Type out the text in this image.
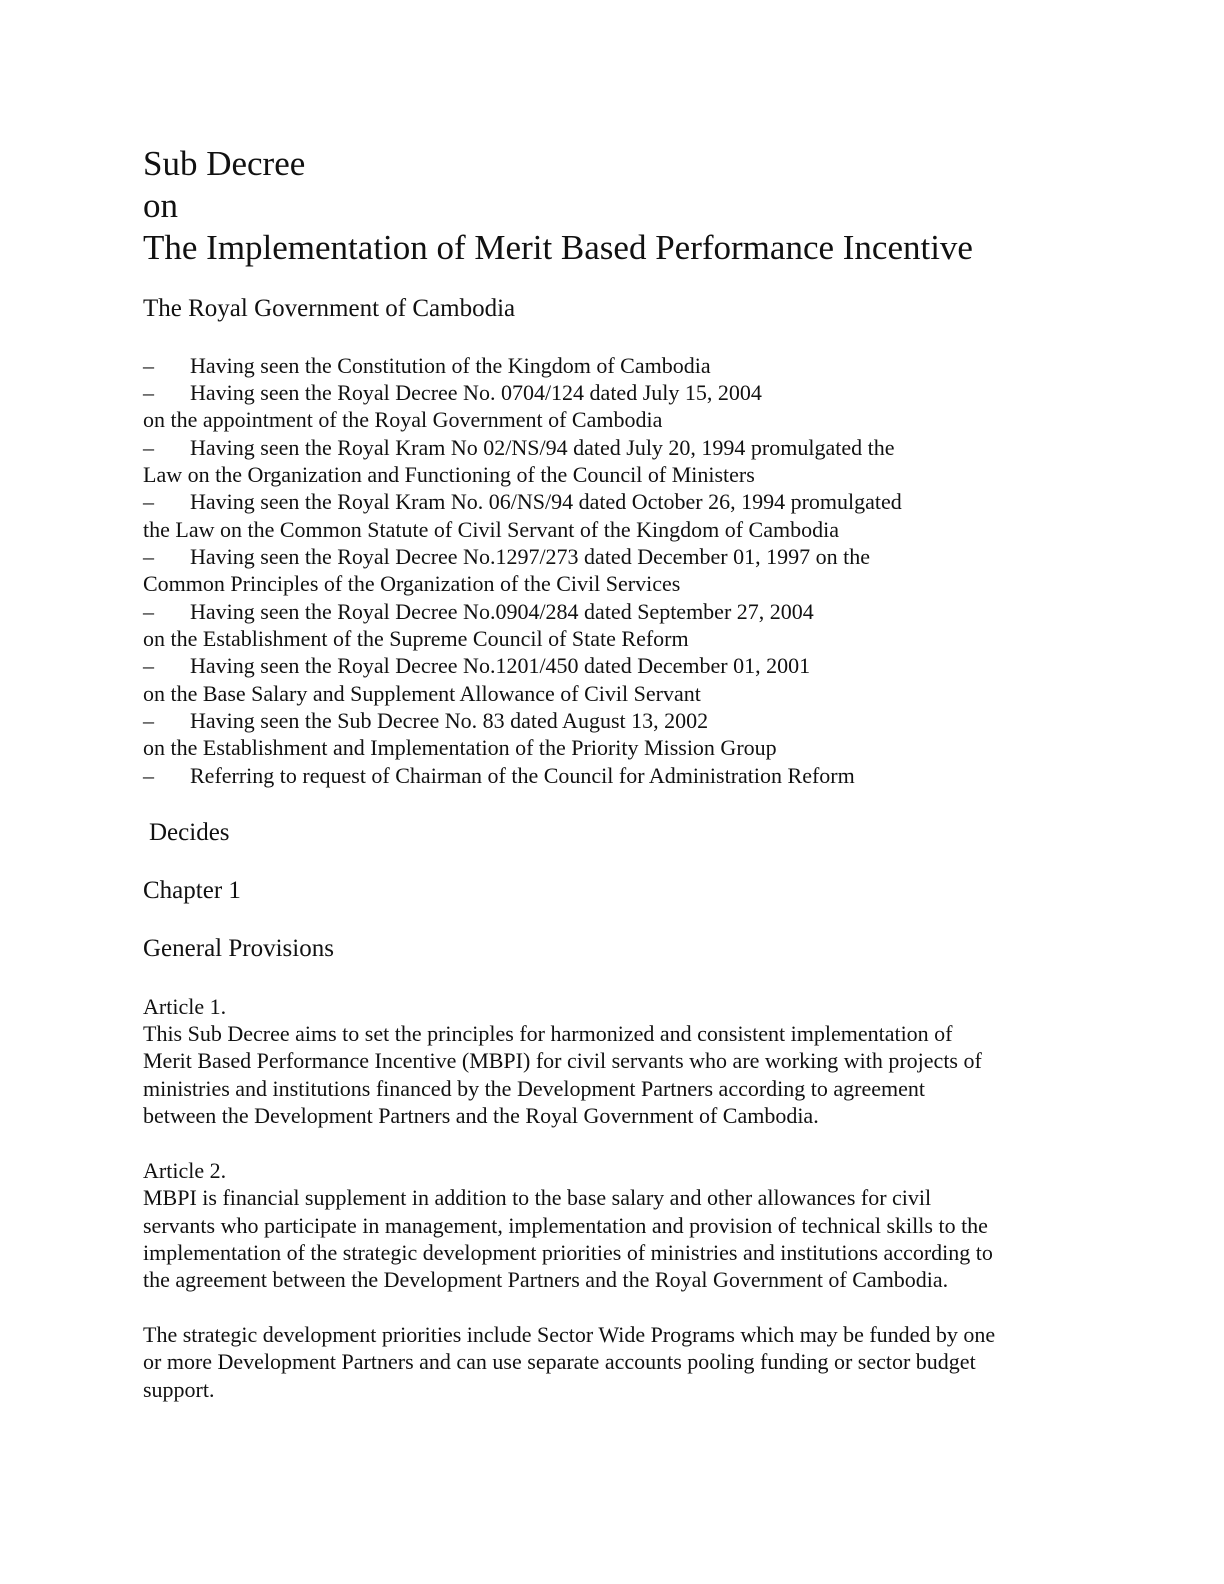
Sub Decree
on
The Implementation of Merit Based Performance Incentive
The Royal Government of Cambodia
– Having seen the Constitution of the Kingdom of Cambodia
– Having seen the Royal Decree No. 0704/124 dated July 15, 2004
on the appointment of the Royal Government of Cambodia
– Having seen the Royal Kram No 02/NS/94 dated July 20, 1994 promulgated the
Law on the Organization and Functioning of the Council of Ministers
– Having seen the Royal Kram No. 06/NS/94 dated October 26, 1994 promulgated
the Law on the Common Statute of Civil Servant of the Kingdom of Cambodia
– Having seen the Royal Decree No.1297/273 dated December 01, 1997 on the
Common Principles of the Organization of the Civil Services
– Having seen the Royal Decree No.0904/284 dated September 27, 2004
on the Establishment of the Supreme Council of State Reform
– Having seen the Royal Decree No.1201/450 dated December 01, 2001
on the Base Salary and Supplement Allowance of Civil Servant
– Having seen the Sub Decree No. 83 dated August 13, 2002
on the Establishment and Implementation of the Priority Mission Group
– Referring to request of Chairman of the Council for Administration Reform
Decides
Chapter 1
General Provisions
Article 1.
This Sub Decree aims to set the principles for harmonized and consistent implementation of
Merit Based Performance Incentive (MBPI) for civil servants who are working with projects of
ministries and institutions financed by the Development Partners according to agreement
between the Development Partners and the Royal Government of Cambodia.
Article 2.
MBPI is financial supplement in addition to the base salary and other allowances for civil
servants who participate in management, implementation and provision of technical skills to the
implementation of the strategic development priorities of ministries and institutions according to
the agreement between the Development Partners and the Royal Government of Cambodia.
The strategic development priorities include Sector Wide Programs which may be funded by one
or more Development Partners and can use separate accounts pooling funding or sector budget
support.
